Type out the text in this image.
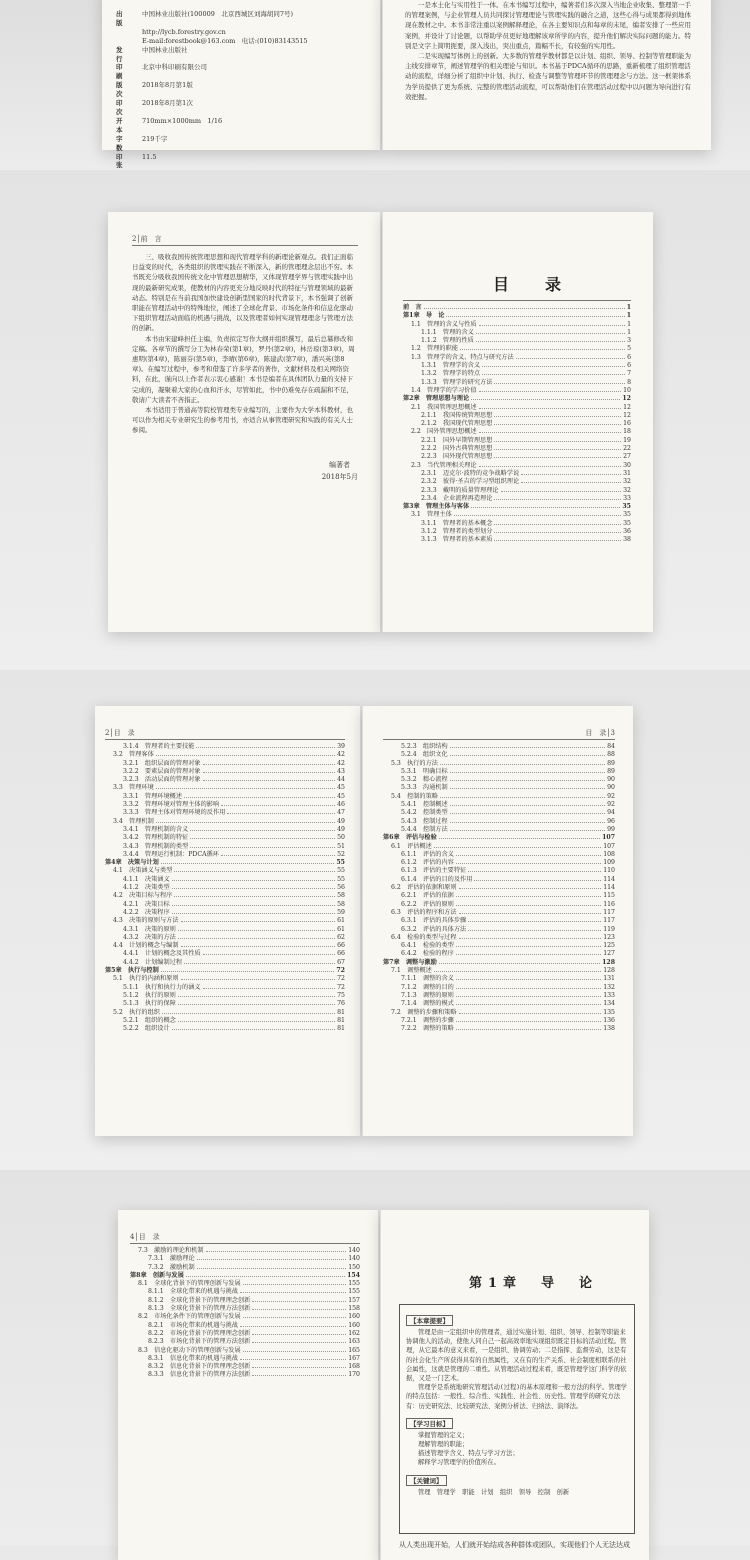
出　版
中国林业出版社(100009　北京西城区刘海胡同7号)
http://lycb.forestry.gov.cn
E-mail:forestbook@163.com　电话:(010)83143515
发　行
中国林业出版社
印　刷
北京中科印刷有限公司
版　次
2018年8月第1版
印　次
2018年8月第1次
开　本
710mm×1000mm　1/16
字　数
219千字
印　张
11.5

一是本土化与实用性于一体。在本书编写过程中，编著者们多次深入当地企业收集、整理第一手的管理案例，与企业管理人员共同探讨管理理论与管理实践的融合之道，这些心得与成果都得到地体现在教材之中。本书非常注重以案例解释理论，在各主要知识点和每章的末尾，编者安排了一些应用案例，并设计了讨论题，以帮助学员更好地理解该章所学的内容，提升他们解决实际问题的能力。特别是文字上简明扼要，深入浅出，突出重点，篇幅不长，有较强的实用性。

二是实现编写体例上的创新。大多数的管理学教材都是以计划、组织、领导、控制等管理职能为主线安排章节，阐述管理学的相关理论与知识。本书基于PDCA循环的思路，重新梳理了组织管理活动的流程，详细分析了组织中计划、执行、检查与调整等管理环节的管理理念与方法。这一框架体系为学员提供了更为系统、完整的管理活动流程，可以帮助他们在管理活动过程中以问题为导向进行有效把握。

2│前　言

三、吸收我国传统管理思想和现代管理学科的新理论新观点。我们正面临日益变的时代，各类组织的管理实践在不断深入，新的管理理念层出不穷。本书既充分吸收我国传统文化中管理思想精华，又体现管理学界与管理实践中出现的最新研究成果，使教材的内容更充分地反映时代的特征与管理领域的最新动态。特别是在当前我国加快建设创新型国家的时代背景下，本书强调了创新职能在管理活动中的特殊地位，阐述了全球化背景、市场化条件和信息化驱动下组织管理活动面临的机遇与挑战，以及管理者如何实现管理理念与管理方法的创新。

本书由宋建峰担任主编，负责拟定写作大纲并组织撰写，最后总纂修改和定稿。各章节的撰写分工为林春荣(第1章)，罗丹(第2章)，林岳琼(第3章)，周惠明(第4章)，陈丽芬(第5章)，李晴(第6章)，陈建武(第7章)，潘兴英(第8章)。在编写过程中，参考和借鉴了许多学者的著作，文献材料及相关网络资料，在此，谨向以上作者表示衷心感谢！本书是编者在具体团队力量的支持下完成的，凝聚着大家的心血和汗水，尽管如此，书中仍难免存在疏漏和不足，敬请广大读者不吝指正。

本书适用于普通高等院校管理类专业编写的，主要作为大学本科教材，也可以作为相关专业研究生的参考用书，亦适合从事管理研究和实践的有关人士参阅。

编著者
2018年5月
目　录
前　言	1
第1章　导　论	1
1.1　管理的含义与性质	1
1.1.1　管理的含义	1
1.1.2　管理的性质	3
1.2　管理的职能	5
1.3　管理学的含义、特点与研究方法	6
1.3.1　管理学的含义	6
1.3.2　管理学的特点	7
1.3.3　管理学的研究方法	8
1.4　管理学的学习价值	10
第2章　管理思想与理论	12
2.1　我国管理思想概述	12
2.1.1　我国传统管理思想	12
2.1.2　我国现代管理思想	16
2.2　国外管理思想概述	18
2.2.1　国外早期管理思想	19
2.2.2　国外古典管理思想	22
2.2.3　国外现代管理思想	27
2.3　当代管理相关理论	30
2.3.1　迈克尔·波特的竞争战略学说	31
2.3.2　彼得·圣吉的学习型组织理论	32
2.3.3　戴明的质量管理理论	32
2.3.4　企业流程再造理论	33
第3章　管理主体与客体	35
3.1　管理主体	35
3.1.1　管理者的基本概念	35
3.1.2　管理者的类型划分	36
3.1.3　管理者的基本素质	38
2│目　录
3.1.4　管理者的主要技能	39
3.2　管理客体	42
3.2.1　组织层面的管理对象	42
3.2.2　要素层面的管理对象	43
3.2.3　活动层面的管理对象	44
3.3　管理环境	45
3.3.1　管理环境概述	45
3.3.2　管理环境对管理主体的影响	46
3.3.3　管理主体对管理环境的反作用	47
3.4　管理机制	49
3.4.1　管理机制的含义	49
3.4.2　管理机制的特征	50
3.4.3　管理机制的类型	51
3.4.4　管理运行机制：PDCA循环	52
第4章　决策与计划	55
4.1　决策涵义与类型	55
4.1.1　决策涵义	55
4.1.2　决策类型	56
4.2　决策目标与程序	58
4.2.1　决策目标	58
4.2.2　决策程序	59
4.3　决策的原则与方法	61
4.3.1　决策的原则	61
4.3.2　决策的方法	62
4.4　计划的概念与编制	66
4.4.1　计划的概念及其性质	66
4.4.2　计划编制过程	67
第5章　执行与控制	72
5.1　执行的内涵和原则	72
5.1.1　执行和执行力的涵义	72
5.1.2　执行的原则	75
5.1.3　执行的保障	76
5.2　执行的组织	81
5.2.1　组织的概念	81
5.2.2　组织设计	81
目　录│3
5.2.3　组织结构	84
5.2.4　组织文化	88
5.3　执行的方法	89
5.3.1　明确目标	89
5.3.2　精心流程	90
5.3.3　沟通机制	90
5.4　控制的策略	92
5.4.1　控制概述	92
5.4.2　控制类型	94
5.4.3　控制过程	96
5.4.4　控制方法	99
第6章　评估与检验	107
6.1　评估概述	107
6.1.1　评估的含义	108
6.1.2　评估的内容	109
6.1.3　评估的主要特征	110
6.1.4　评估的目的及作用	114
6.2　评估的依据和原则	114
6.2.1　评估的依据	115
6.2.2　评估的原则	116
6.3　评估的程序和方法	117
6.3.1　评估的具体步骤	117
6.3.2　评估的具体方法	119
6.4　检验的类型与过程	123
6.4.1　检验的类型	125
6.4.2　检验的程序	127
第7章　调整与激励	128
7.1　调整概述	128
7.1.1　调整的含义	131
7.1.2　调整的目的	132
7.1.3　调整的原则	133
7.1.4　调整的模式	134
7.2　调整的步骤和策略	135
7.2.1　调整的步骤	136
7.2.2　调整的策略	138
4│目　录
7.3　激励的理论和机制	140
7.3.1　激励理论	140
7.3.2　激励机制	150
第8章　创新与发展	154
8.1　全球化背景下的管理创新与发展	155
8.1.1　全球化带来的机遇与挑战	155
8.1.2　全球化背景下的管理理念创新	157
8.1.3　全球化背景下的管理方法创新	158
8.2　市场化条件下的管理创新与发展	160
8.2.1　市场化带来的机遇与挑战	160
8.2.2　市场化背景下的管理理念创新	162
8.2.3　市场化背景下的管理方法创新	163
8.3　信息化驱动下的管理创新与发展	165
8.3.1　信息化带来的机遇与挑战	167
8.3.2　信息化背景下的管理理念创新	168
8.3.3　信息化背景下的管理方法创新	170
第1章　导　论
【本章提要】

管理是由一定组织中的管理者，通过实施计划、组织、领导、控制等职能来协调他人的活动，使他人同自己一起高效率地实现组织既定目标的活动过程。管理，从它最本的意义来看，一是组织、协调劳动；二是指挥、监督劳动，这是有的社会化生产所获得具有的自然属性，又在有的生产关系、社会制度相联系的社会属性，这就是管理的二重性。从管理活动过程来看，既是管理学这门科学的依据，又是一门艺术。

管理学是系统地研究管理活动(过程)的基本原理和一般方法的科学。管理学的特点包括：一般性、综合性、实践性、社会性、历史性。管理学的研究方法有：历史研究法、比较研究法、案例分析法、归纳法、演绎法。

【学习目标】
掌握管理的定义；
理解管理的职能；
描述管理学含义、特点与学习方法；
解释学习管理学的价值所在。
【关键词】
管理　管理学　职能　计划　组织　领导　控制　创新
从人类出现开始，人们就开始结成各种群体或团队，实现他们个人无法达成
